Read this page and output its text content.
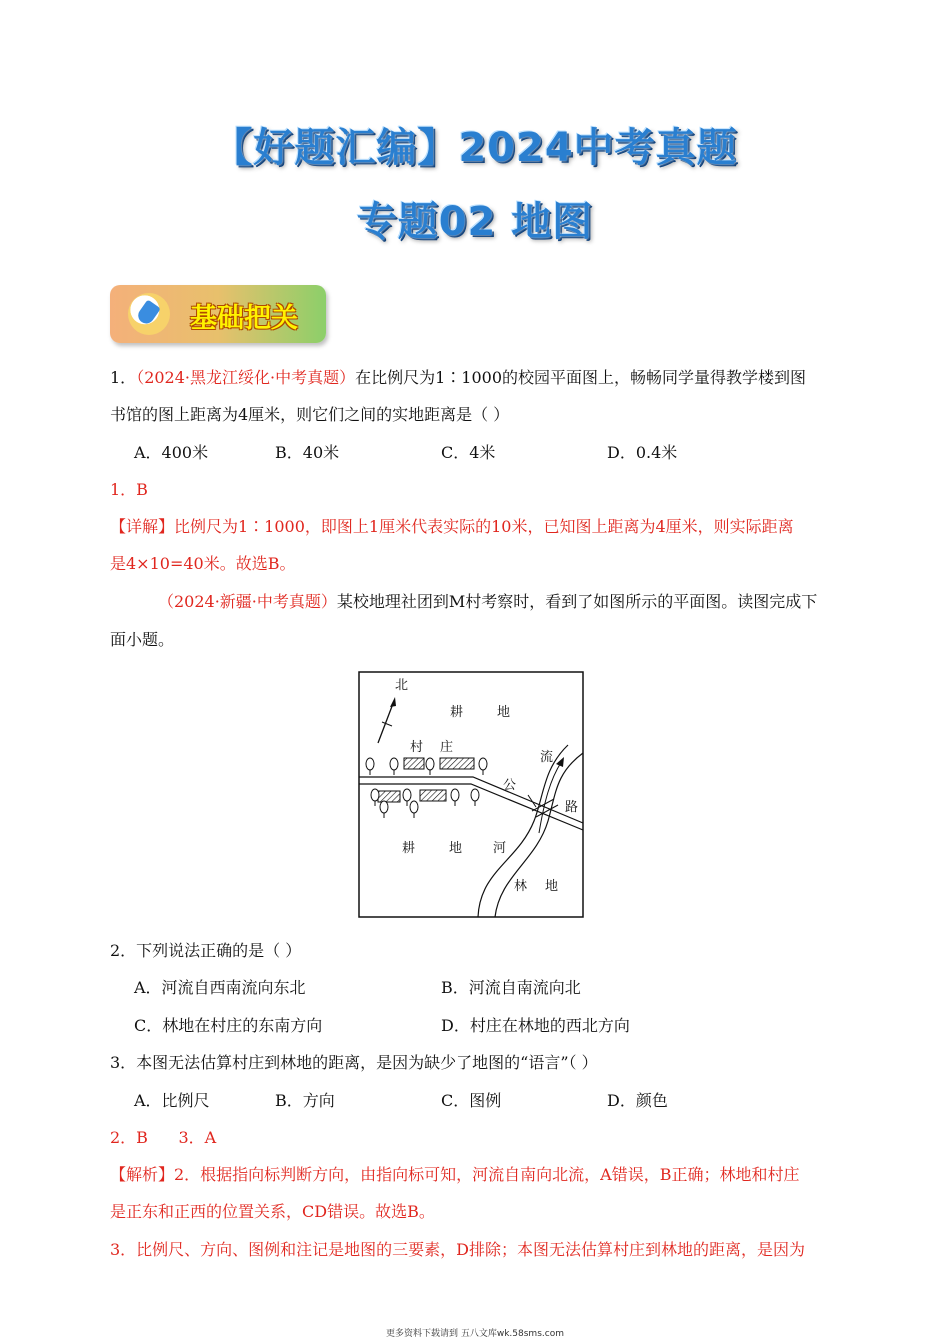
【好题汇编】2024中考真题
专题02 地图
基础把关
1．（2024·黑龙江绥化·中考真题）在比例尺为1∶1000的校园平面图上，畅畅同学量得教学楼到图
书馆的图上距离为4厘米，则它们之间的实地距离是（ ）
A．400米	B．40米	C．4米	D．0.4米
1．B
【详解】比例尺为1∶1000，即图上1厘米代表实际的10米，已知图上距离为4厘米，则实际距离
是4×10=40米。故选B。
（2024·新疆·中考真题）某校地理社团到M村考察时，看到了如图所示的平面图。读图完成下
面小题。
北
耕	地
村 庄
流
公
路
耕	地 河
林 地
2．下列说法正确的是（ ）
A．河流自西南流向东北	B．河流自南流向北
C．林地在村庄的东南方向	D．村庄在林地的西北方向
3．本图无法估算村庄到林地的距离，是因为缺少了地图的“语言”（ ）
A．比例尺	B．方向	C．图例	D．颜色
2．B      3．A
【解析】2．根据指向标判断方向，由指向标可知，河流自南向北流，A错误，B正确；林地和村庄
是正东和正西的位置关系，CD错误。故选B。
3．比例尺、方向、图例和注记是地图的三要素，D排除；本图无法估算村庄到林地的距离，是因为
更多资料下载请到 五八文库wk.58sms.com
